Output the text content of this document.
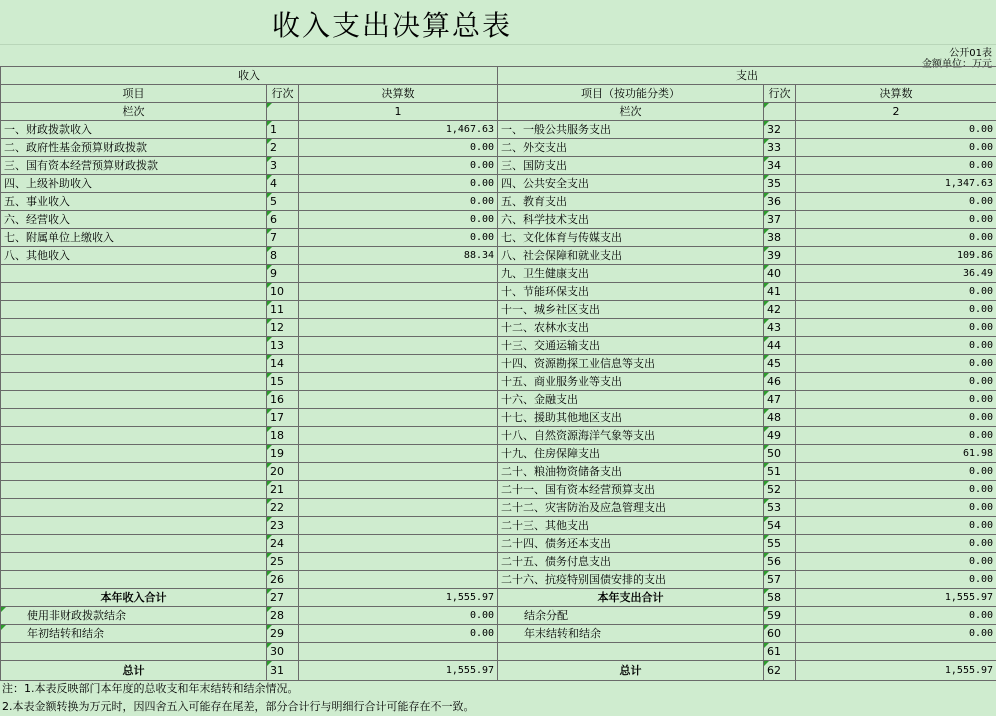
收入支出决算总表
公开01表
金额单位：万元
收入			支出		
项目	行次	决算数	项目（按功能分类）	行次	决算数
栏次		1	栏次		2
一、财政拨款收入	1	1,467.63	一、一般公共服务支出	32	0.00
二、政府性基金预算财政拨款	2	0.00	二、外交支出	33	0.00
三、国有资本经营预算财政拨款	3	0.00	三、国防支出	34	0.00
四、上级补助收入	4	0.00	四、公共安全支出	35	1,347.63
五、事业收入	5	0.00	五、教育支出	36	0.00
六、经营收入	6	0.00	六、科学技术支出	37	0.00
七、附属单位上缴收入	7	0.00	七、文化体育与传媒支出	38	0.00
八、其他收入	8	88.34	八、社会保障和就业支出	39	109.86
	9		九、卫生健康支出	40	36.49
	10		十、节能环保支出	41	0.00
	11		十一、城乡社区支出	42	0.00
	12		十二、农林水支出	43	0.00
	13		十三、交通运输支出	44	0.00
	14		十四、资源勘探工业信息等支出	45	0.00
	15		十五、商业服务业等支出	46	0.00
	16		十六、金融支出	47	0.00
	17		十七、援助其他地区支出	48	0.00
	18		十八、自然资源海洋气象等支出	49	0.00
	19		十九、住房保障支出	50	61.98
	20		二十、粮油物资储备支出	51	0.00
	21		二十一、国有资本经营预算支出	52	0.00
	22		二十二、灾害防治及应急管理支出	53	0.00
	23		二十三、其他支出	54	0.00
	24		二十四、债务还本支出	55	0.00
	25		二十五、债务付息支出	56	0.00
	26		二十六、抗疫特别国债安排的支出	57	0.00
本年收入合计	27	1,555.97	本年支出合计	58	1,555.97
使用非财政拨款结余	28	0.00	结余分配	59	0.00
年初结转和结余	29	0.00	年末结转和结余	60	0.00
	30			61	
总计	31	1,555.97	总计	62	1,555.97
注：1.本表反映部门本年度的总收支和年末结转和结余情况。
2.本表金额转换为万元时，因四舍五入可能存在尾差，部分合计行与明细行合计可能存在不一致。
